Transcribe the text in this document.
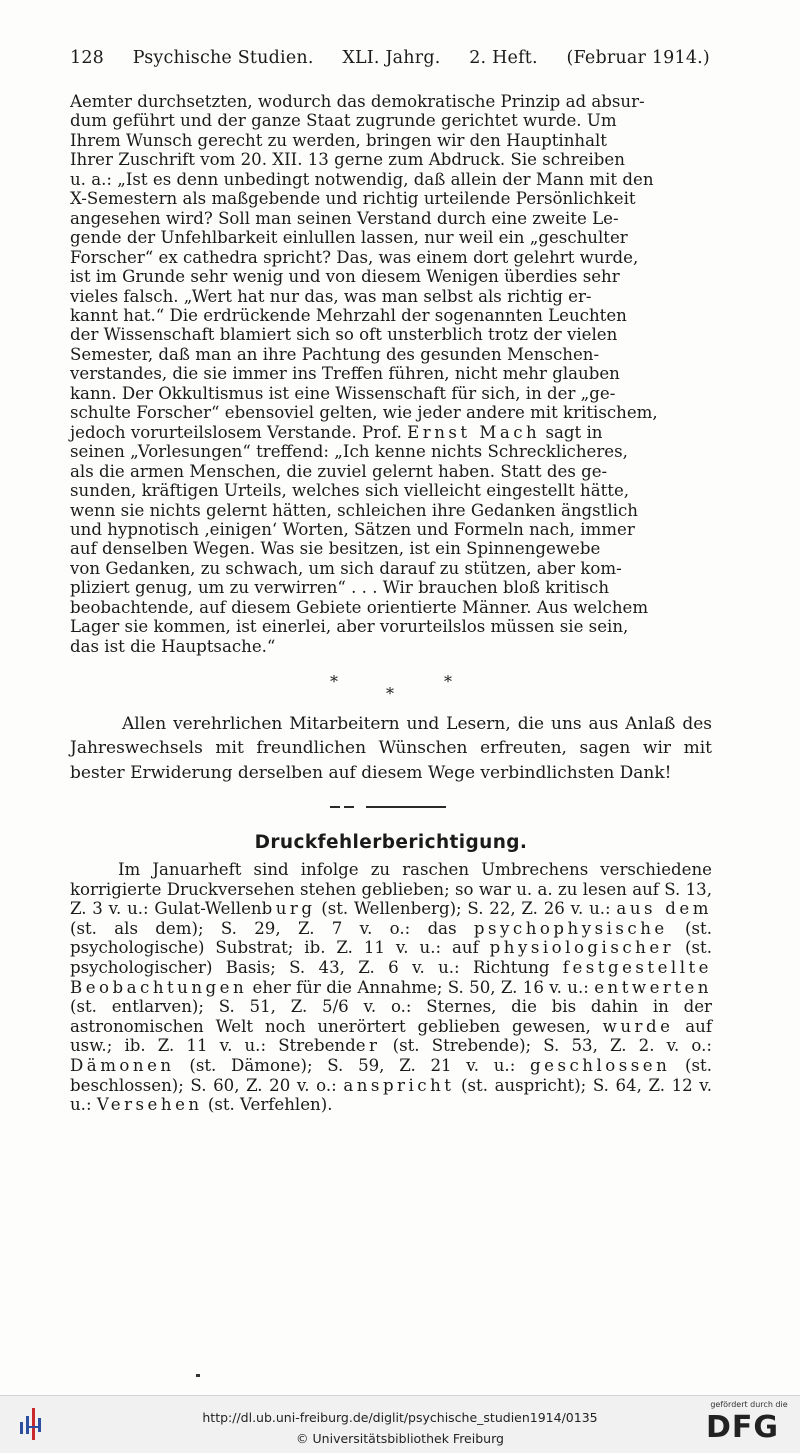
128 Psychische Studien. XLI. Jahrg. 2. Heft. (Februar 1914.)

Aemter durchsetzten, wodurch das demokratische Prinzip ad absur-

dum geführt und der ganze Staat zugrunde gerichtet wurde. Um

Ihrem Wunsch gerecht zu werden, bringen wir den Hauptinhalt

Ihrer Zuschrift vom 20. XII. 13 gerne zum Abdruck. Sie schreiben

u. a.: „Ist es denn unbedingt notwendig, daß allein der Mann mit den

X-Semestern als maßgebende und richtig urteilende Persönlichkeit

angesehen wird? Soll man seinen Verstand durch eine zweite Le-

gende der Unfehlbarkeit einlullen lassen, nur weil ein „geschulter

Forscher“ ex cathedra spricht? Das, was einem dort gelehrt wurde,

ist im Grunde sehr wenig und von diesem Wenigen überdies sehr

vieles falsch. „Wert hat nur das, was man selbst als richtig er-

kannt hat.“ Die erdrückende Mehrzahl der sogenannten Leuchten

der Wissenschaft blamiert sich so oft unsterblich trotz der vielen

Semester, daß man an ihre Pachtung des gesunden Menschen-

verstandes, die sie immer ins Treffen führen, nicht mehr glauben

kann. Der Okkultismus ist eine Wissenschaft für sich, in der „ge-

schulte Forscher“ ebensoviel gelten, wie jeder andere mit kritischem,

jedoch vorurteilslosem Verstande. Prof. Ernst Mach sagt in

seinen „Vorlesungen“ treffend: „Ich kenne nichts Schrecklicheres,

als die armen Menschen, die zuviel gelernt haben. Statt des ge-

sunden, kräftigen Urteils, welches sich vielleicht eingestellt hätte,

wenn sie nichts gelernt hätten, schleichen ihre Gedanken ängstlich

und hypnotisch ‚einigen‘ Worten, Sätzen und Formeln nach, immer

auf denselben Wegen. Was sie besitzen, ist ein Spinnengewebe

von Gedanken, zu schwach, um sich darauf zu stützen, aber kom-

pliziert genug, um zu verwirren“ . . . Wir brauchen bloß kritisch

beobachtende, auf diesem Gebiete orientierte Männer. Aus welchem

Lager sie kommen, ist einerlei, aber vorurteilslos müssen sie sein,

das ist die Hauptsache.“

*
*
*

Allen verehrlichen Mitarbeitern und Lesern, die uns aus Anlaß des Jahreswechsels mit freundlichen Wünschen erfreuten, sagen wir mit bester Erwiderung derselben auf diesem Wege verbindlichsten Dank!

Druckfehlerberichtigung.

Im Januarheft sind infolge zu raschen Umbrechens verschiedene korrigierte Druckversehen stehen geblieben; so war u. a. zu lesen auf S. 13, Z. 3 v. u.: Gulat-Wellenburg (st. Wellenberg); S. 22, Z. 26 v. u.: aus dem (st. als dem); S. 29, Z. 7 v. o.: das psychophysische (st. psychologische) Substrat; ib. Z. 11 v. u.: auf physiologischer (st. psychologischer) Basis; S. 43, Z. 6 v. u.: Richtung festgestellte Beobachtungen eher für die Annahme; S. 50, Z. 16 v. u.: entwerten (st. entlarven); S. 51, Z. 5/6 v. o.: Sternes, die bis dahin in der astronomischen Welt noch unerörtert geblieben gewesen, wurde auf usw.; ib. Z. 11 v. u.: Strebender (st. Strebende); S. 53, Z. 2. v. o.: Dämonen (st. Dämone); S. 59, Z. 21 v. u.: geschlossen (st. beschlossen); S. 60, Z. 20 v. o.: anspricht (st. auspricht); S. 64, Z. 12 v. u.: Versehen (st. Verfehlen).

http://dl.ub.uni-freiburg.de/diglit/psychische_studien1914/0135
© Universitätsbibliothek Freiburg
gefördert durch die
DFG
